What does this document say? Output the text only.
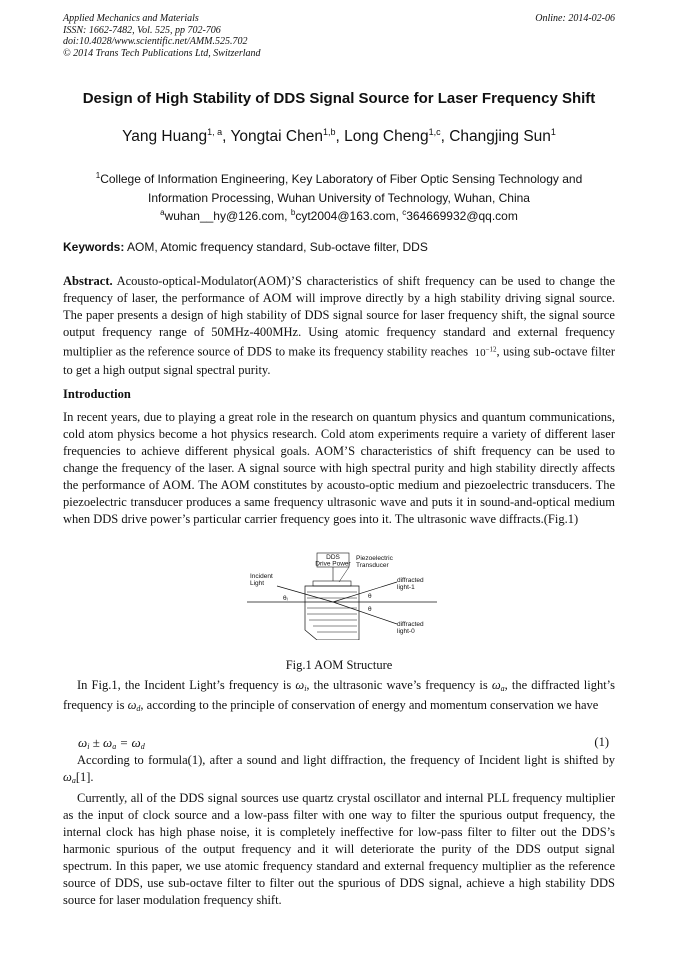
Applied Mechanics and Materials
ISSN: 1662-7482, Vol. 525, pp 702-706
doi:10.4028/www.scientific.net/AMM.525.702
© 2014 Trans Tech Publications Ltd, Switzerland
Online: 2014-02-06
Design of High Stability of DDS Signal Source for Laser Frequency Shift
Yang Huang$^{1, a}$, Yongtai Chen$^{1,b}$, Long Cheng$^{1,c}$, Changjing Sun$^1$
$^1$College of Information Engineering, Key Laboratory of Fiber Optic Sensing Technology and
Information Processing, Wuhan University of Technology, Wuhan, China
$^a$wuhan__hy@126.com, $^b$cyt2004@163.com, $^c$364669932@qq.com
Keywords: AOM, Atomic frequency standard, Sub-octave filter, DDS
Abstract. Acousto-optical-Modulator(AOM)’S characteristics of shift frequency can be used to change the frequency of laser, the performance of AOM will improve directly by a high stability driving signal source. The paper presents a design of high stability of DDS signal source for laser frequency shift, the signal source output frequency range of 50MHz-400MHz. Using atomic frequency standard and external frequency multiplier as the reference source of DDS to make its frequency stability reaches $10^{-12}$, using sub-octave filter to get a high output signal spectral purity.
Introduction
In recent years, due to playing a great role in the research on quantum physics and quantum communications, cold atom physics become a hot physics research. Cold atom experiments require a variety of different laser frequencies to achieve different physical goals. AOM’S characteristics of shift frequency can be used to change the frequency of the laser. A signal source with high spectral purity and high stability directly affects the performance of AOM. The AOM constitutes by acousto-optic medium and piezoelectric transducers. The piezoelectric transducer produces a same frequency ultrasonic wave and puts it in sound-and-optical medium when DDS drive power’s particular carrier frequency goes into it. The ultrasonic wave diffracts.(Fig.1)
DDS
Drive Power
Piezoelectric
Transducer
Incident
Light	diffracted
light-1
diffracted
light-0
θᵢ	θ
θ
Fig.1 AOM Structure
In Fig.1, the Incident Light’s frequency is $\omega_i$, the ultrasonic wave’s frequency is $\omega_a$, the diffracted light’s frequency is $\omega_d$, according to the principle of conservation of energy and momentum conservation we have
$\omega_i \pm \omega_a = \omega_d$	(1)
According to formula(1), after a sound and light diffraction, the frequency of Incident light is shifted by $\omega_a[1]$.
Currently, all of the DDS signal sources use quartz crystal oscillator and internal PLL frequency multiplier as the input of clock source and a low-pass filter with one way to filter the spurious output frequency, the internal clock has high phase noise, it is completely ineffective for low-pass filter to filter out the DDS’s harmonic spurious of the output frequency and it will deteriorate the purity of the DDS output signal spectrum. In this paper, we use atomic frequency standard and external frequency multiplier as the reference source of DDS, use sub-octave filter to filter out the spurious of DDS signal, achieve a high stability DDS source for laser modulation frequency shift.
